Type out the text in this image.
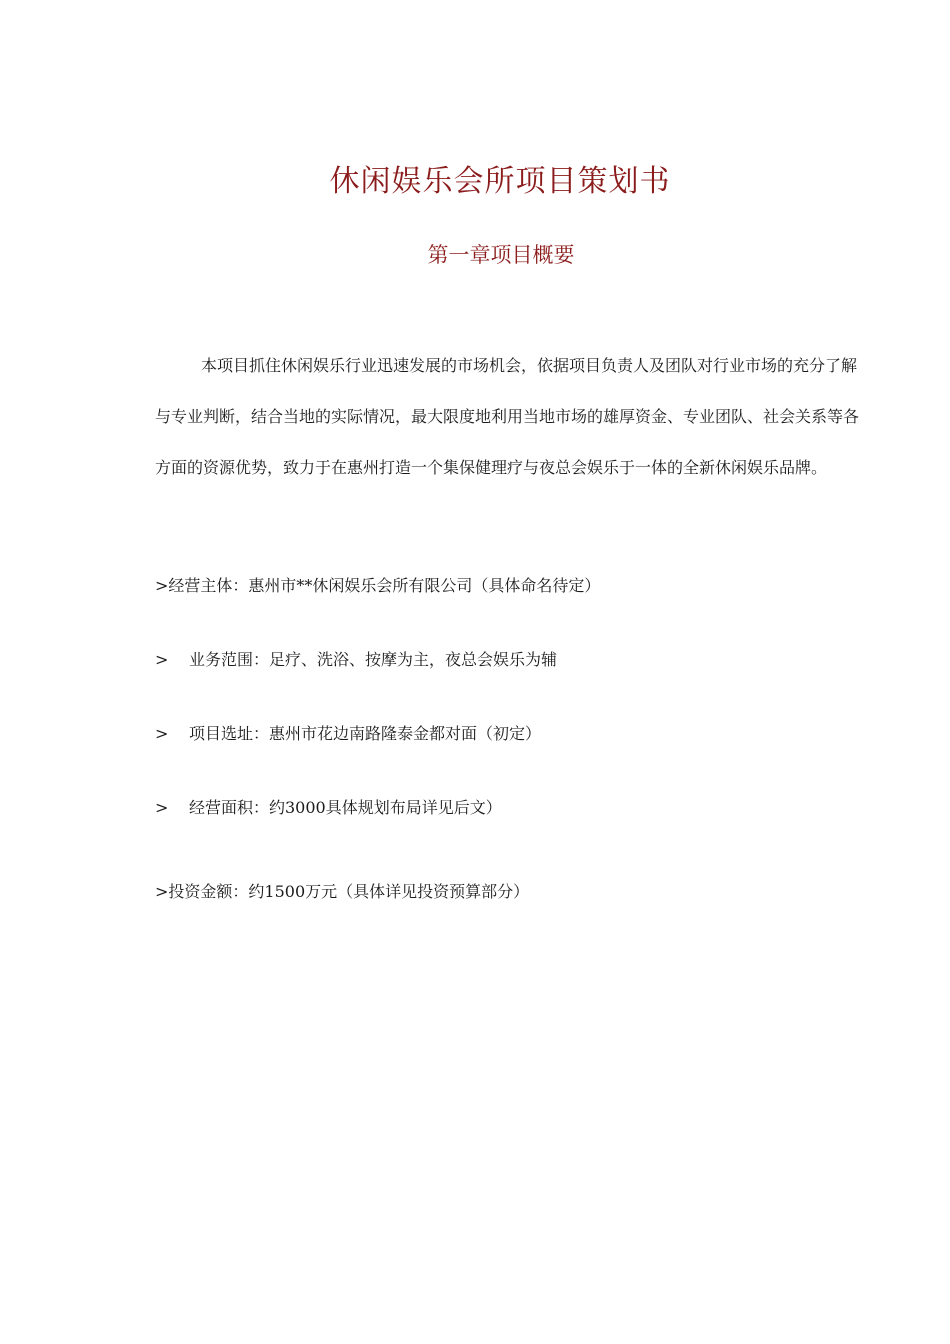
休闲娱乐会所项目策划书
第一章项目概要

本项目抓住休闲娱乐行业迅速发展的市场机会，依据项目负责人及团队对行业市场的充分了解与专业判断，结合当地的实际情况，最大限度地利用当地市场的雄厚资金、专业团队、社会关系等各方面的资源优势，致力于在惠州打造一个集保健理疗与夜总会娱乐于一体的全新休闲娱乐品牌。

>经营主体：惠州市**休闲娱乐会所有限公司（具体命名待定）

> 业务范围：足疗、洗浴、按摩为主，夜总会娱乐为辅

> 项目选址：惠州市花边南路隆泰金都对面（初定）

> 经营面积：约3000具体规划布局详见后文）

>投资金额：约1500万元（具体详见投资预算部分）
